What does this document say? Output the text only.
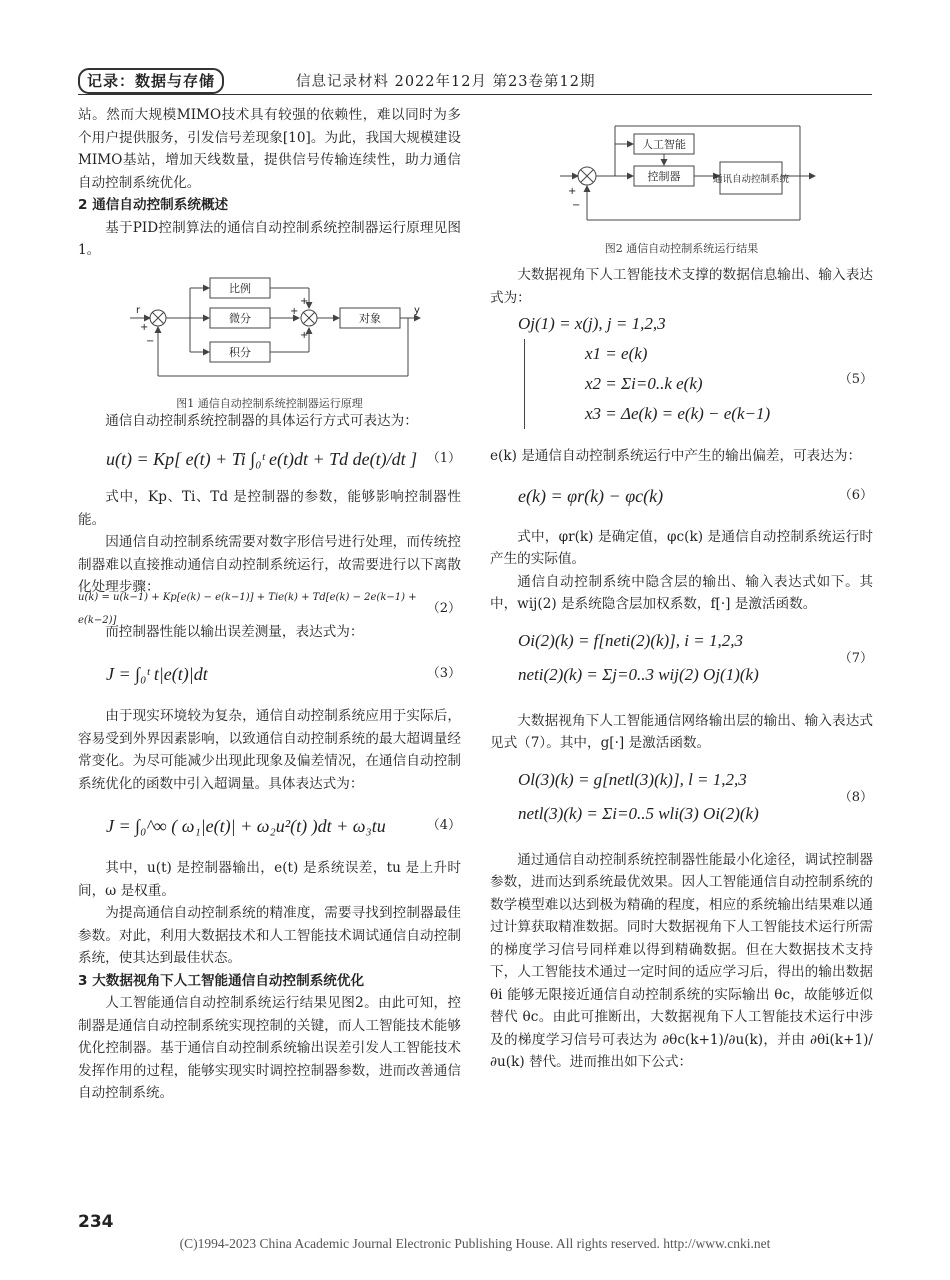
记录：数据与存储	信息记录材料 2022年12月 第23卷第12期

站。然而大规模MIMO技术具有较强的依赖性，难以同时为多个用户提供服务，引发信号差现象[10]。为此，我国大规模建设MIMO基站，增加天线数量，提供信号传输连续性，助力通信自动控制系统优化。

2 通信自动控制系统概述

基于PID控制算法的通信自动控制系统控制器运行原理见图1。

比例
微分
积分
对象
r	y
+
−
+
+
+
图1 通信自动控制系统控制器运行原理

通信自动控制系统控制器的具体运行方式可表达为：

u(t) = Kp[ e(t) + Ti ∫₀ᵗ e(t)dt + Td de(t)/dt ] （1）

式中，Kp、Ti、Td 是控制器的参数，能够影响控制器性能。

因通信自动控制系统需要对数字形信号进行处理，而传统控制器难以直接推动通信自动控制系统运行，故需要进行以下离散化处理步骤：

u(k) = u(k−1) + Kp[e(k) − e(k−1)] + Tie(k) + Td[e(k) − 2e(k−1) + e(k−2)]
（2）

而控制器性能以输出误差测量，表达式为：

J = ∫₀ᵗ t|e(t)|dt	（3）

由于现实环境较为复杂，通信自动控制系统应用于实际后，容易受到外界因素影响，以致通信自动控制系统的最大超调量经常变化。为尽可能减少出现此现象及偏差情况，在通信自动控制系统优化的函数中引入超调量。具体表达式为：

J = ∫₀^∞ ( ω₁|e(t)| + ω₂u²(t) )dt + ω₃tu	（4）

其中，u(t) 是控制器输出，e(t) 是系统误差，tu 是上升时间，ω 是权重。

为提高通信自动控制系统的精准度，需要寻找到控制器最佳参数。对此，利用大数据技术和人工智能技术调试通信自动控制系统，使其达到最佳状态。

3 大数据视角下人工智能通信自动控制系统优化

人工智能通信自动控制系统运行结果见图2。由此可知，控制器是通信自动控制系统实现控制的关键，而人工智能技术能够优化控制器。基于通信自动控制系统输出误差引发人工智能技术发挥作用的过程，能够实现实时调控控制器参数，进而改善通信自动控制系统。

人工智能
控制器	通讯自动控制系统
+
−
图2 通信自动控制系统运行结果

大数据视角下人工智能技术支撑的数据信息输出、输入表达式为：

Oj(1) = x(j), j = 1,2,3
x1 = e(k)
x2 = Σi=0..k e(k)
x3 = Δe(k) = e(k) − e(k−1)
（5）

e(k) 是通信自动控制系统运行中产生的输出偏差，可表达为：

e(k) = φr(k) − φc(k)	（6）

式中，φr(k) 是确定值，φc(k) 是通信自动控制系统运行时产生的实际值。

通信自动控制系统中隐含层的输出、输入表达式如下。其中，wij(2) 是系统隐含层加权系数，f[·] 是激活函数。

Oi(2)(k) = f[neti(2)(k)], i = 1,2,3
neti(2)(k) = Σj=0..3 wij(2) Oj(1)(k)
（7）

大数据视角下人工智能通信网络输出层的输出、输入表达式见式（7）。其中，g[·] 是激活函数。

Ol(3)(k) = g[netl(3)(k)], l = 1,2,3
netl(3)(k) = Σi=0..5 wli(3) Oi(2)(k)
（8）

通过通信自动控制系统控制器性能最小化途径，调试控制器参数，进而达到系统最优效果。因人工智能通信自动控制系统的数学模型难以达到极为精确的程度，相应的系统输出结果难以通过计算获取精准数据。同时大数据视角下人工智能技术运行所需的梯度学习信号同样难以得到精确数据。但在大数据技术支持下，人工智能技术通过一定时间的适应学习后，得出的输出数据 θi 能够无限接近通信自动控制系统的实际输出 θc，故能够近似替代 θc。由此可推断出，大数据视角下人工智能技术运行中涉及的梯度学习信号可表达为 ∂θc(k+1)/∂u(k)，并由 ∂θi(k+1)/∂u(k) 替代。进而推出如下公式：

234
(C)1994-2023 China Academic Journal Electronic Publishing House. All rights reserved. http://www.cnki.net
